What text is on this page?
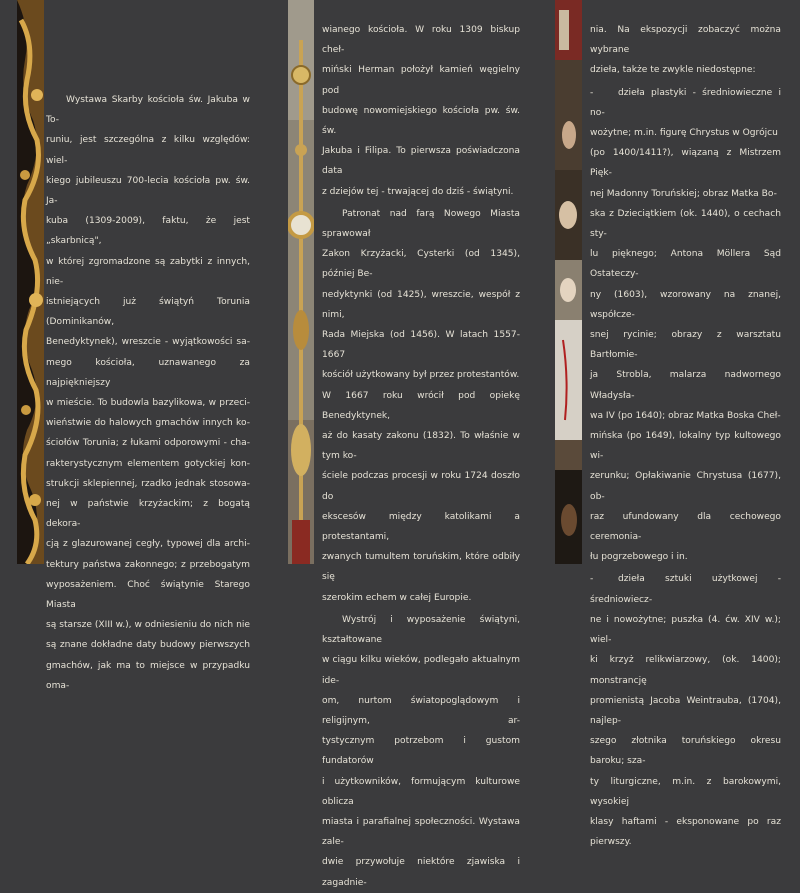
Wystawa Skarby kościoła św. Jakuba w To-
runiu, jest szczególna z kilku względów: wiel-
kiego jubileuszu 700-lecia kościoła pw. św. Ja-
kuba (1309-2009), faktu, że jest „skarbnicą",
w której zgromadzone są zabytki z innych, nie-
istniejących już świątyń Torunia (Dominikanów,
Benedyktynek), wreszcie - wyjątkowości sa-
mego kościoła, uznawanego za najpiękniejszy
w mieście. To budowla bazylikowa, w przeci-
wieństwie do halowych gmachów innych ko-
ściołów Torunia; z łukami odporowymi - cha-
rakterystycznym elementem gotyckiej kon-
strukcji sklepiennej, rzadko jednak stosowa-
nej w państwie krzyżackim; z bogatą dekora-
cją z glazurowanej cegły, typowej dla archi-
tektury państwa zakonnego; z przebogatym
wyposażeniem. Choć świątynie Starego Miasta
są starsze (XIII w.), w odniesieniu do nich nie
są znane dokładne daty budowy pierwszych
gmachów, jak ma to miejsce w przypadku oma-

wianego kościoła. W roku 1309 biskup cheł-
miński Herman położył kamień węgielny pod
budowę nowomiejskiego kościoła pw. św. św.
Jakuba i Filipa. To pierwsza poświadczona data
z dziejów tej - trwającej do dziś - świątyni.

Patronat nad farą Nowego Miasta sprawował
Zakon Krzyżacki, Cysterki (od 1345), później Be-
nedyktynki (od 1425), wreszcie, wespół z nimi,
Rada Miejska (od 1456). W latach 1557-1667
kościół użytkowany był przez protestantów.
W 1667 roku wrócił pod opiekę Benedyktynek,
aż do kasaty zakonu (1832). To właśnie w tym ko-
ściele podczas procesji w roku 1724 doszło do
ekscesów między katolikami a protestantami,
zwanych tumultem toruńskim, które odbiły się
szerokim echem w całej Europie.

Wystrój i wyposażenie świątyni, kształtowane
w ciągu kilku wieków, podlegało aktualnym ide-
om, nurtom światopoglądowym i religijnym, ar-
tystycznym potrzebom i gustom fundatorów
i użytkowników, formującym kulturowe oblicza
miasta i parafialnej społeczności. Wystawa zale-
dwie przywołuje niektóre zjawiska i zagadnie-

nia. Na ekspozycji zobaczyć można wybrane
dzieła, także te zwykle niedostępne:

-	dzieła plastyki - średniowieczne i no-
wożytne; m.in. figurę Chrystus w Ogrójcu
(po 1400/1411?), wiązaną z Mistrzem Pięk-
nej Madonny Toruńskiej; obraz Matka Bo-
ska z Dzieciątkiem (ok. 1440), o cechach sty-
lu pięknego; Antona Möllera Sąd Ostateczy-
ny (1603), wzorowany na znanej, współcze-
snej rycinie; obrazy z warsztatu Bartłomie-
ja Strobla, malarza nadwornego Władysła-
wa IV (po 1640); obraz Matka Boska Cheł-
mińska (po 1649), lokalny typ kultowego wi-
zerunku; Opłakiwanie Chrystusa (1677), ob-
raz ufundowany dla cechowego ceremonia-
łu pogrzebowego i in.

-	dzieła sztuki użytkowej - średniowiecz-
ne i nowożytne; puszka (4. ćw. XIV w.); wiel-
ki krzyż relikwiarzowy, (ok. 1400); monstrancję
promienistą Jacoba Weintrauba, (1704), najlep-
szego złotnika toruńskiego okresu baroku; sza-
ty liturgiczne, m.in. z barokowymi, wysokiej
klasy haftami - eksponowane po raz pierwszy.
